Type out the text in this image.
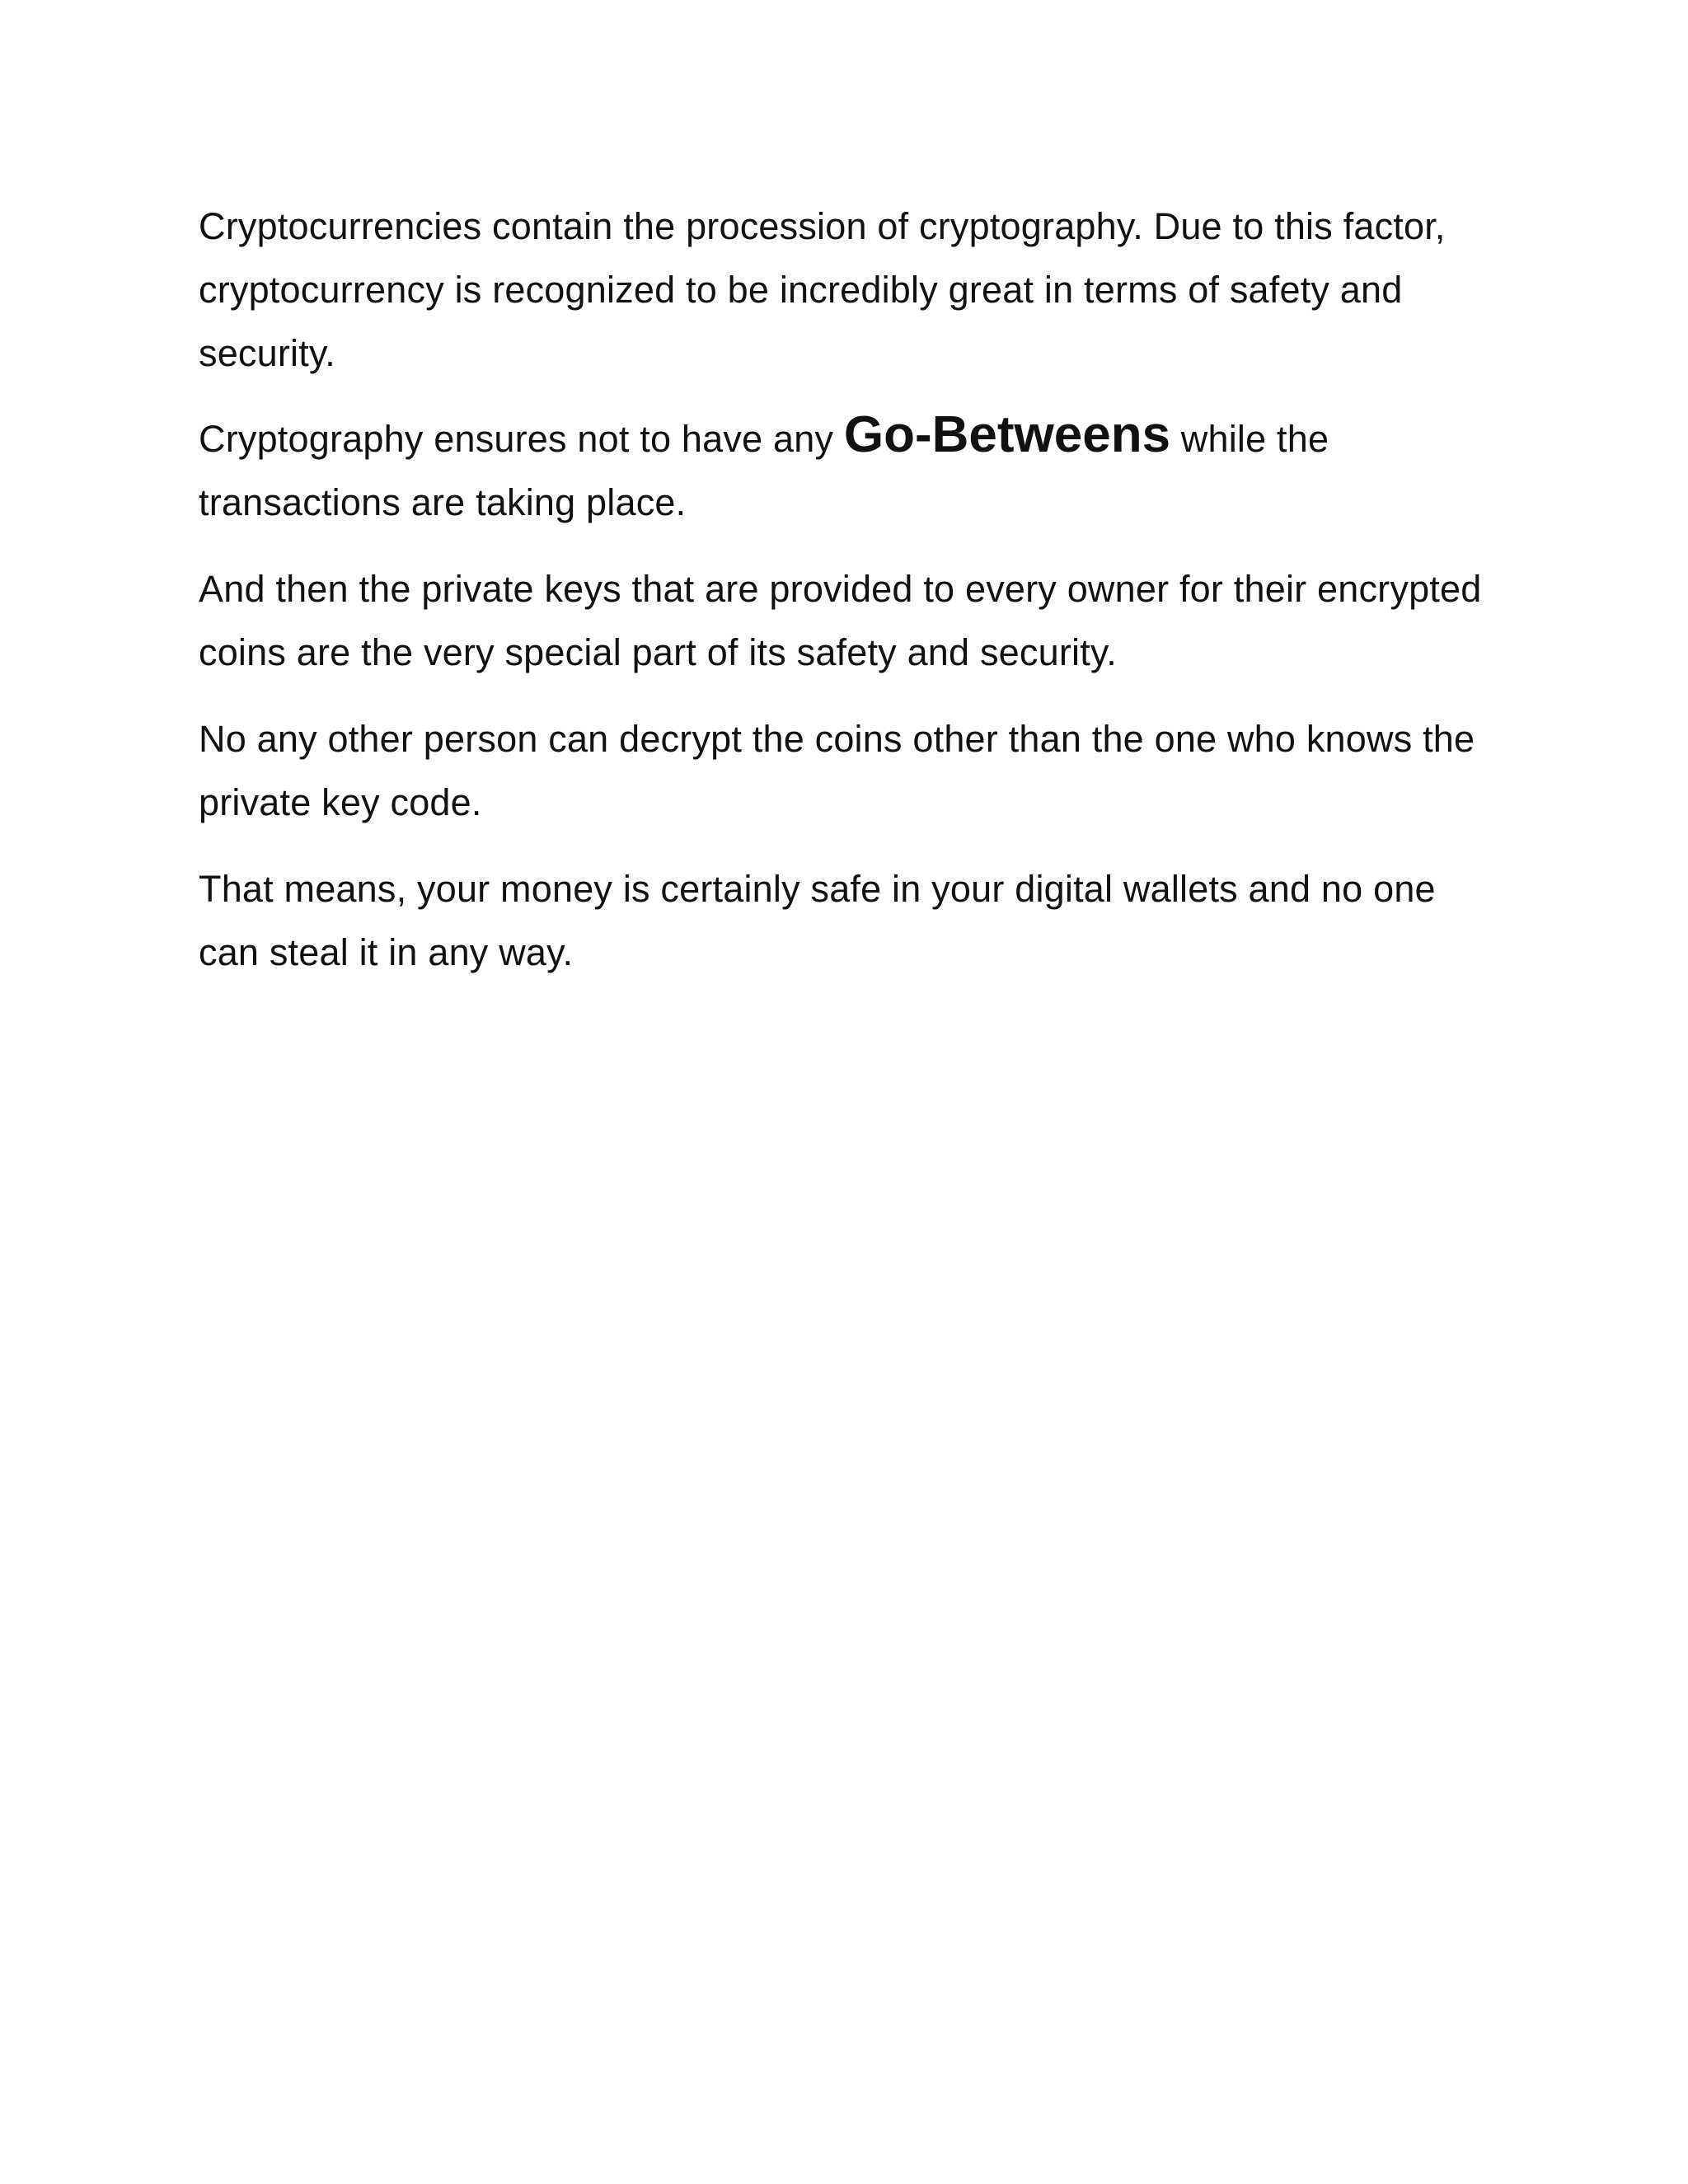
Cryptocurrencies contain the procession of cryptography. Due to this factor, cryptocurrency is recognized to be incredibly great in terms of safety and security.

Cryptography ensures not to have any Go-Betweens while the transactions are taking place.

And then the private keys that are provided to every owner for their encrypted coins are the very special part of its safety and security.

No any other person can decrypt the coins other than the one who knows the private key code.

That means, your money is certainly safe in your digital wallets and no one can steal it in any way.
